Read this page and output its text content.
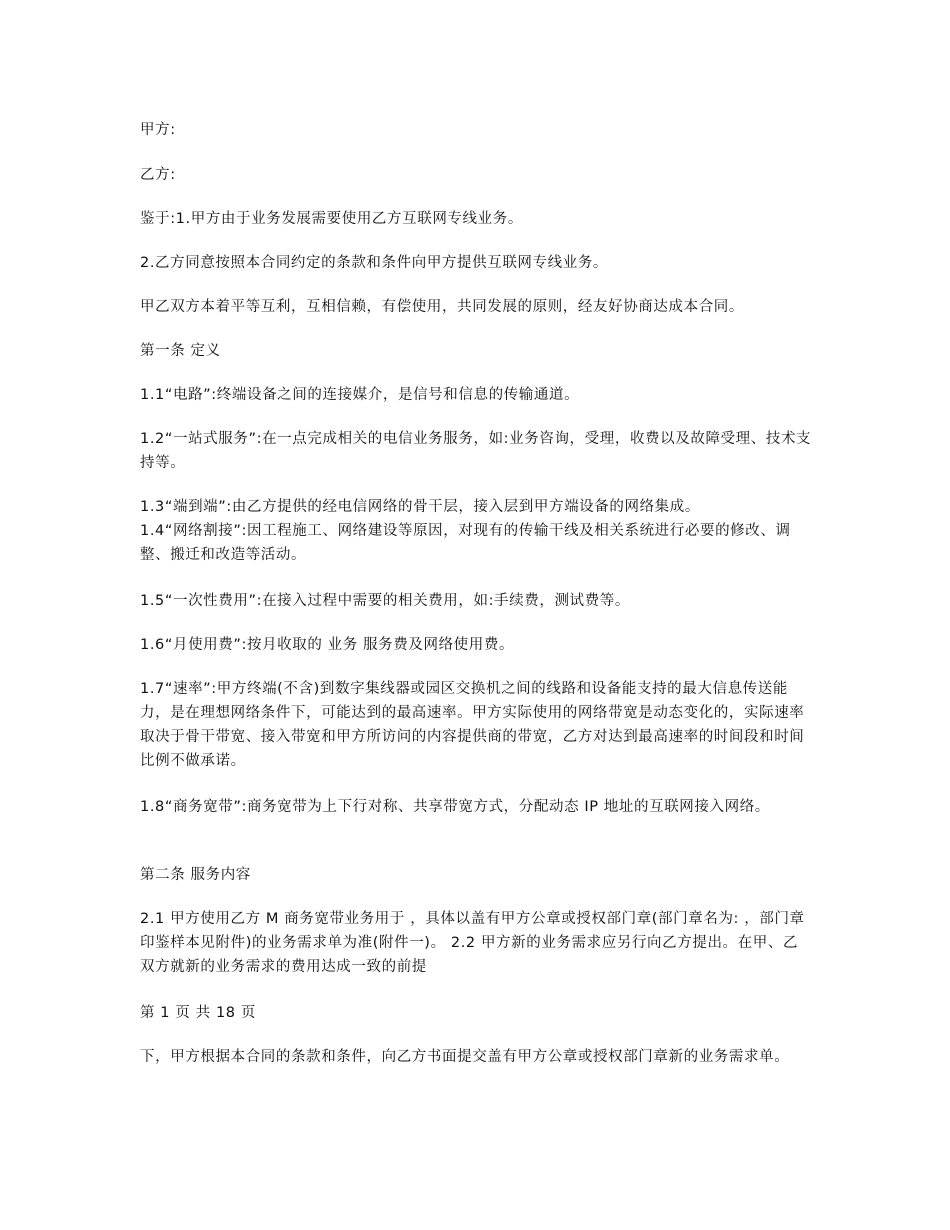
甲方:

乙方:

鉴于:1.甲方由于业务发展需要使用乙方互联网专线业务。

2.乙方同意按照本合同约定的条款和条件向甲方提供互联网专线业务。

甲乙双方本着平等互利，互相信赖，有偿使用，共同发展的原则，经友好协商达成本合同。

第一条 定义

1.1“电路”:终端设备之间的连接媒介，是信号和信息的传输通道。

1.2“一站式服务”:在一点完成相关的电信业务服务，如:业务咨询，受理，收费以及故障受理、技术支持等。

1.3“端到端”:由乙方提供的经电信网络的骨干层，接入层到甲方端设备的网络集成。

1.4“网络割接”:因工程施工、网络建设等原因，对现有的传输干线及相关系统进行必要的修改、调整、搬迁和改造等活动。

1.5“一次性费用”:在接入过程中需要的相关费用，如:手续费，测试费等。

1.6“月使用费”:按月收取的 业务 服务费及网络使用费。

1.7“速率”:甲方终端(不含)到数字集线器或园区交换机之间的线路和设备能支持的最大信息传送能力，是在理想网络条件下，可能达到的最高速率。甲方实际使用的网络带宽是动态变化的，实际速率取决于骨干带宽、接入带宽和甲方所访问的内容提供商的带宽，乙方对达到最高速率的时间段和时间比例不做承诺。

1.8“商务宽带”:商务宽带为上下行对称、共享带宽方式，分配动态 IP 地址的互联网接入网络。

第二条 服务内容

2.1 甲方使用乙方 M 商务宽带业务用于 ，具体以盖有甲方公章或授权部门章(部门章名为: ，部门章印鉴样本见附件)的业务需求单为准(附件一)。 2.2 甲方新的业务需求应另行向乙方提出。在甲、乙双方就新的业务需求的费用达成一致的前提

第 1 页 共 18 页

下，甲方根据本合同的条款和条件，向乙方书面提交盖有甲方公章或授权部门章新的业务需求单。
